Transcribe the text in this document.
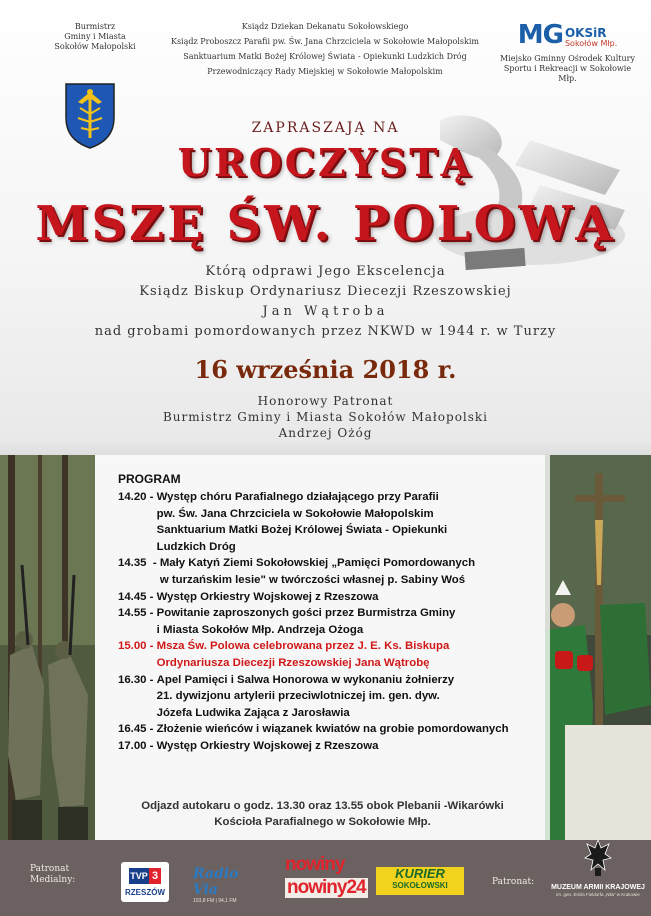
Burmistrz
Gminy i Miasta
Sokołów Małopolski
Ksiądz Dziekan Dekanatu Sokołowskiego
Ksiądz Proboszcz Parafii pw. Św. Jana Chrzciciela w Sokołowie Małopolskim
Sanktuarium Matki Bożej Królowej Świata - Opiekunki Ludzkich Dróg
Przewodniczący Rady Miejskiej w Sokołowie Małopolskim
MG OKSiR
Sokołów Młp.
Miejsko Gminny Ośrodek Kultury
Sportu i Rekreacji w Sokołowie Młp.
ZAPRASZAJĄ NA
UROCZYSTĄ
MSZĘ ŚW. POLOWĄ
Którą odprawi Jego Ekscelencja
Ksiądz Biskup Ordynariusz Diecezji Rzeszowskiej
Jan Wątroba
nad grobami pomordowanych przez NKWD w 1944 r. w Turzy
16 września 2018 r.
Honorowy Patronat
Burmistrz Gminy i Miasta Sokołów Małopolski
Andrzej Ożóg
PROGRAM
14.20 - Występ chóru Parafialnego działającego przy Parafii
pw. Św. Jana Chrzciciela w Sokołowie Małopolskim
Sanktuarium Matki Bożej Królowej Świata - Opiekunki
Ludzkich Dróg
14.35 - Mały Katyń Ziemi Sokołowskiej „Pamięci Pomordowanych
w turzańskim lesie" w twórczości własnej p. Sabiny Woś
14.45 - Występ Orkiestry Wojskowej z Rzeszowa
14.55 - Powitanie zaproszonych gości przez Burmistrza Gminy
i Miasta Sokołów Młp. Andrzeja Ożoga
15.00 - Msza Św. Polowa celebrowana przez J. E. Ks. Biskupa
Ordynariusza Diecezji Rzeszowskiej Jana Wątrobę
16.30 - Apel Pamięci i Salwa Honorowa w wykonaniu żołnierzy
21. dywizjonu artylerii przeciwlotniczej im. gen. dyw.
Józefa Ludwika Zająca z Jarosławia
16.45 - Złożenie wieńców i wiązanek kwiatów na grobie pomordowanych
17.00 - Występ Orkiestry Wojskowej z Rzeszowa
Odjazd autokaru o godz. 13.30 oraz 13.55 obok Plebanii -Wikarówki
Kościoła Parafialnego w Sokołowie Młp.
Patronat
Medialny:	TVP 3
RZESZÓW
Radio Via
103,8 FM | 94,1 FM
nowiny
nowiny24
KURIER
SOKOŁOWSKI	Patronat:
MUZEUM ARMII KRAJOWEJ
im. gen. Emila Fieldorfa „Nila" w Krakowie
